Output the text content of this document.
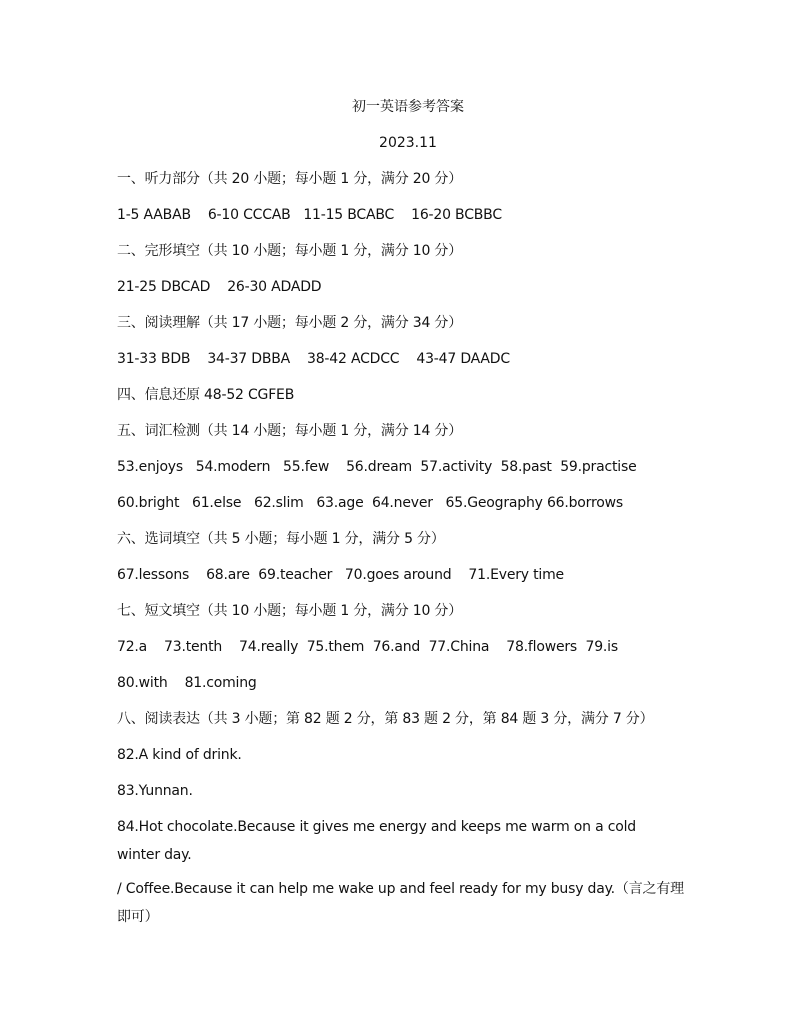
初一英语参考答案
2023.11
一、听力部分（共 20 小题；每小题 1 分，满分 20 分）
1-5 AABAB    6-10 CCCAB   11-15 BCABC    16-20 BCBBC
二、完形填空（共 10 小题；每小题 1 分，满分 10 分）
21-25 DBCAD    26-30 ADADD
三、阅读理解（共 17 小题；每小题 2 分，满分 34 分）
31-33 BDB    34-37 DBBA    38-42 ACDCC    43-47 DAADC
四、信息还原 48-52 CGFEB
五、词汇检测（共 14 小题；每小题 1 分，满分 14 分）
53.enjoys   54.modern   55.few    56.dream  57.activity  58.past  59.practise
60.bright   61.else   62.slim   63.age  64.never   65.Geography 66.borrows
六、选词填空（共 5 小题；每小题 1 分，满分 5 分）
67.lessons    68.are  69.teacher   70.goes around    71.Every time
七、短文填空（共 10 小题；每小题 1 分，满分 10 分）
72.a    73.tenth    74.really  75.them  76.and  77.China    78.flowers  79.is
80.with    81.coming
八、阅读表达（共 3 小题；第 82 题 2 分，第 83 题 2 分，第 84 题 3 分，满分 7 分）
82.A kind of drink.
83.Yunnan.
84.Hot chocolate.Because it gives me energy and keeps me warm on a cold winter day.
/ Coffee.Because it can help me wake up and feel ready for my busy day.（言之有理即可）
